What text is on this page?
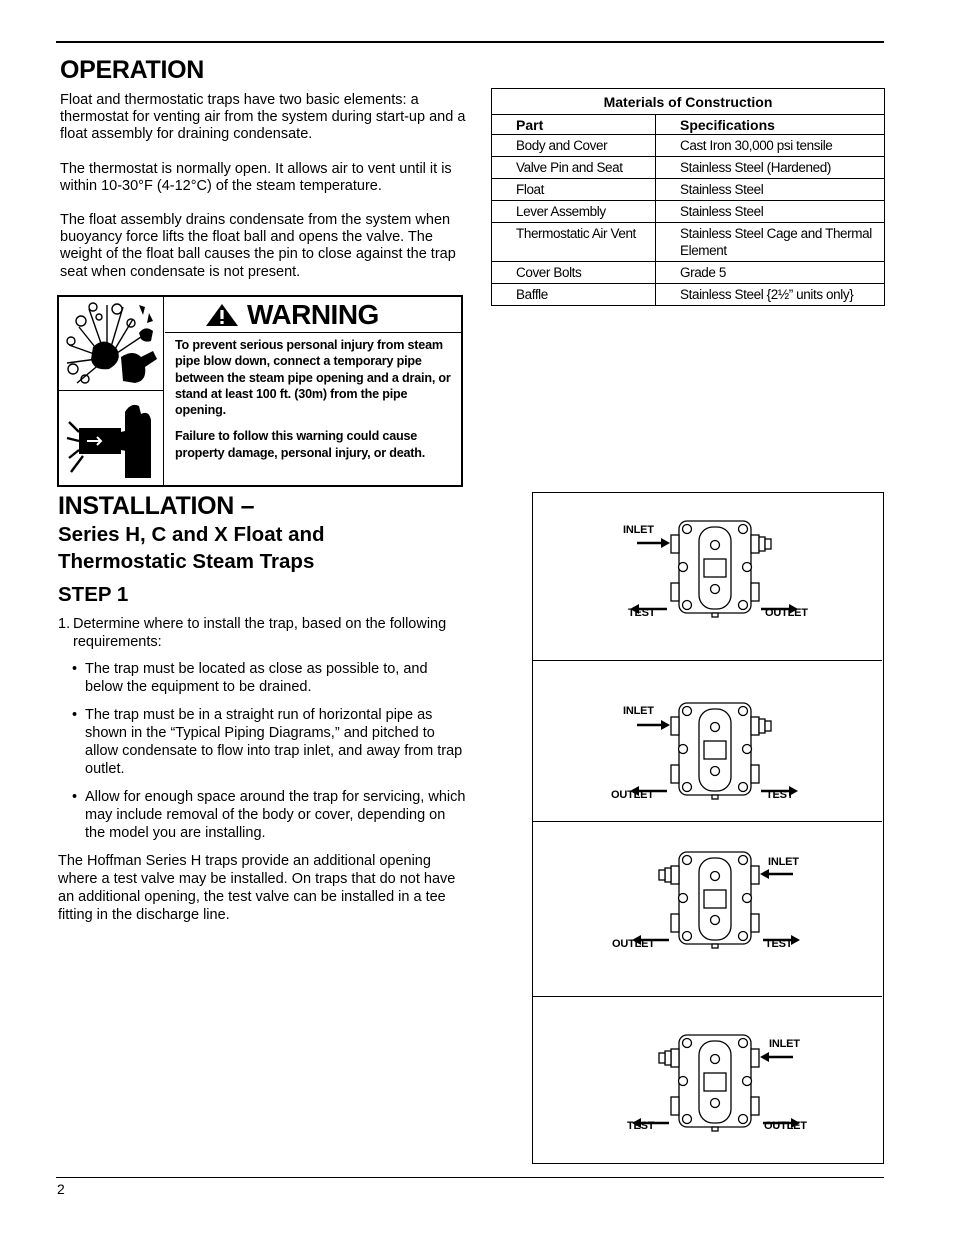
OPERATION

Float and thermostatic traps have two basic elements: a thermostat for venting air from the system during start-up and a float assembly for draining condensate.

The thermostat is normally open. It allows air to vent until it is within 10-30°F (4-12°C) of the steam temperature.

The float assembly drains condensate from the system when buoyancy force lifts the float ball and opens the valve. The weight of the float ball causes the pin to close against the trap seat when condensate is not present.

Materials of Construction	
Part	Specifications
Body and Cover	Cast Iron 30,000 psi tensile
Valve Pin and Seat	Stainless Steel (Hardened)
Float	Stainless Steel
Lever Assembly	Stainless Steel
Thermostatic Air Vent	Stainless Steel Cage and Thermal Element
Cover Bolts	Grade 5
Baffle	Stainless Steel {2½” units only}
WARNING

To prevent serious personal injury from steam pipe blow down, connect a temporary pipe between the steam pipe opening and a drain, or stand at least 100 ft. (30m) from the pipe opening.

Failure to follow this warning could cause property damage, personal injury, or death.

INSTALLATION –
Series H, C and X Float and Thermostatic Steam Traps
STEP 1
1. Determine where to install the trap, based on the following requirements:
• The trap must be located as close as possible to, and below the equipment to be drained.
• The trap must be in a straight run of horizontal pipe as shown in the “Typical Piping Diagrams,” and pitched to allow condensate to flow into trap inlet, and away from trap outlet.
• Allow for enough space around the trap for servicing, which may include removal of the body or cover, depending on the model you are installing.

The Hoffman Series H traps provide an additional opening where a test valve may be installed. On traps that do not have an additional opening, the test valve can be installed in a tee fitting in the discharge line.

INLET
TEST	OUTLET
INLET
OUTLET	TEST
INLET
OUTLET	TEST
INLET
TEST	OUTLET
2
